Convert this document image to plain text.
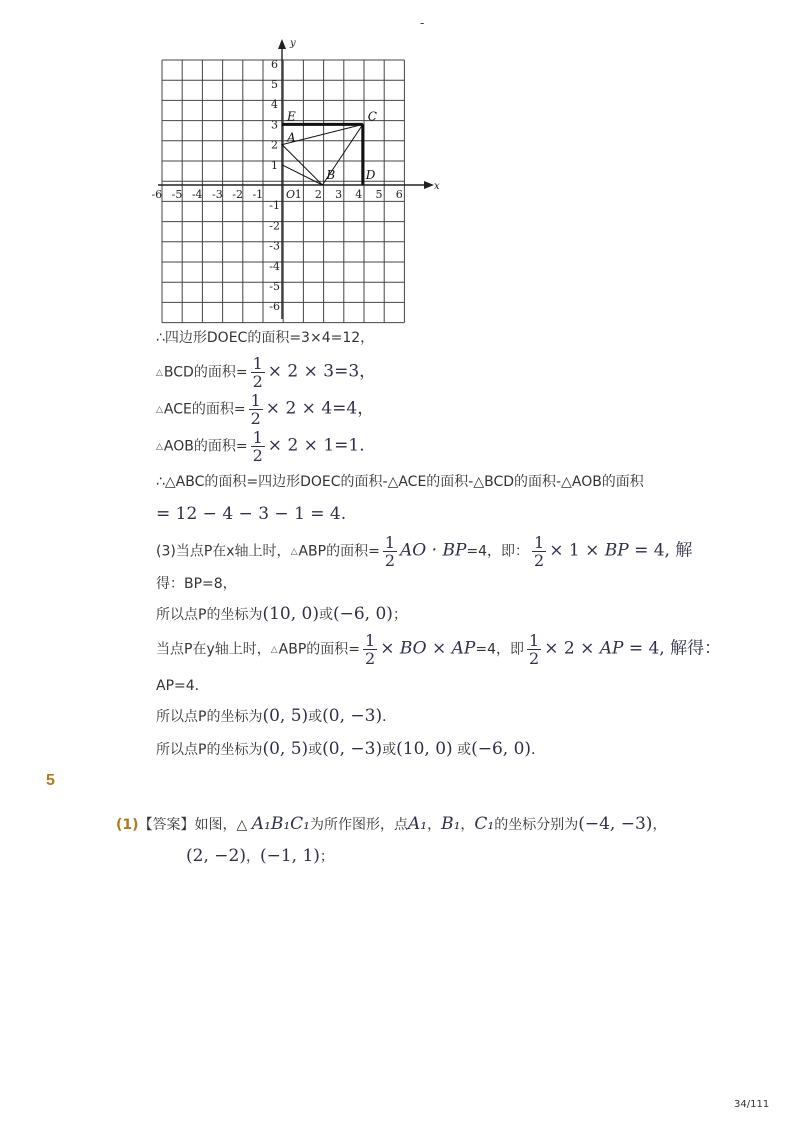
-
x
y
-6 -5 -4 -3 -2 -1	1 2 3 4 5 6
1
2
3
4
5
6
-1
-2
-3
-4
-5
-6
O
A
B
C
D
E
∴四边形DOEC的面积=3×4=12，
△BCD的面积= $\frac{1}{2} \times 2 \times 3=3$，
△ACE的面积= $\frac{1}{2} \times 2 \times 4=4$，
△AOB的面积= $\frac{1}{2} \times 2 \times 1=1$．
∴△ABC的面积=四边形DOEC的面积-△ACE的面积-△BCD的面积-△AOB的面积
= 12 − 4 − 3 − 1 = 4.
(3)当点P在x轴上时，△ABP的面积= $\frac{1}{2}$ AO · BP=4，即： $\frac{1}{2} \times 1$ × BP = 4, 解
得：BP=8，
所以点P的坐标为(10, 0)或(−6, 0)；
当点P在y轴上时，△ABP的面积= $\frac{1}{2}$ × BO × AP=4，即 $\frac{1}{2} \times 2$ × AP = 4, 解得：
AP=4．
所以点P的坐标为(0, 5)或(0, −3)．
所以点P的坐标为(0, 5)或(0, −3)或(10, 0) 或(−6, 0)．
5
(1)【答案】如图，△ A₁B₁C₁为所作图形，点A₁，B₁，C₁的坐标分别为(−4, −3)，
(2, −2)，(−1, 1)；
34/111
